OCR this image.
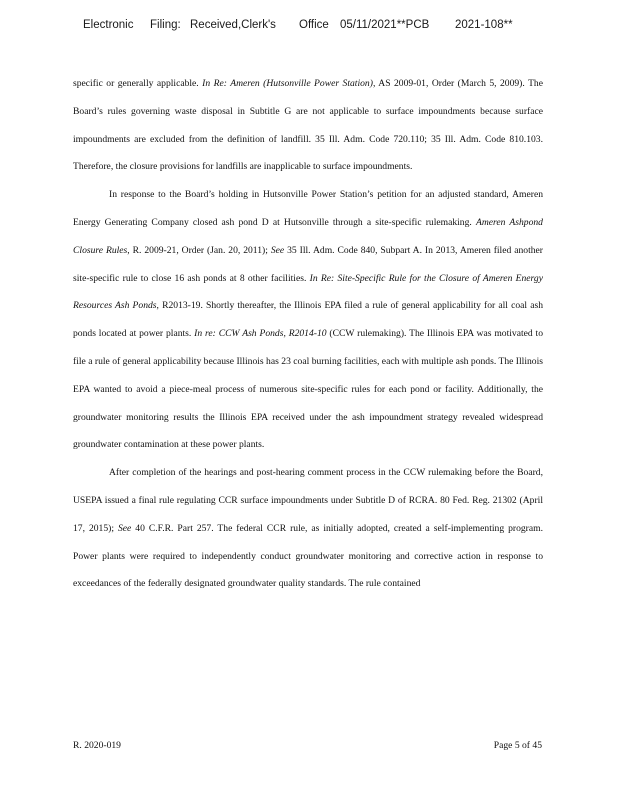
Electronic Filing: Received,Clerk's Office 05/11/2021**PCB 2021-108**

specific or generally applicable. In Re: Ameren (Hutsonville Power Station), AS 2009-01, Order (March 5, 2009). The Board’s rules governing waste disposal in Subtitle G are not applicable to surface impoundments because surface impoundments are excluded from the definition of landfill. 35 Ill. Adm. Code 720.110; 35 Ill. Adm. Code 810.103. Therefore, the closure provisions for landfills are inapplicable to surface impoundments.

In response to the Board’s holding in Hutsonville Power Station’s petition for an adjusted standard, Ameren Energy Generating Company closed ash pond D at Hutsonville through a site-specific rulemaking. Ameren Ashpond Closure Rules, R. 2009-21, Order (Jan. 20, 2011); See 35 Ill. Adm. Code 840, Subpart A. In 2013, Ameren filed another site-specific rule to close 16 ash ponds at 8 other facilities. In Re: Site-Specific Rule for the Closure of Ameren Energy Resources Ash Ponds, R2013-19. Shortly thereafter, the Illinois EPA filed a rule of general applicability for all coal ash ponds located at power plants. In re: CCW Ash Ponds, R2014-10 (CCW rulemaking). The Illinois EPA was motivated to file a rule of general applicability because Illinois has 23 coal burning facilities, each with multiple ash ponds. The Illinois EPA wanted to avoid a piece-meal process of numerous site-specific rules for each pond or facility. Additionally, the groundwater monitoring results the Illinois EPA received under the ash impoundment strategy revealed widespread groundwater contamination at these power plants.

After completion of the hearings and post-hearing comment process in the CCW rulemaking before the Board, USEPA issued a final rule regulating CCR surface impoundments under Subtitle D of RCRA. 80 Fed. Reg. 21302 (April 17, 2015); See 40 C.F.R. Part 257. The federal CCR rule, as initially adopted, created a self-implementing program. Power plants were required to independently conduct groundwater monitoring and corrective action in response to exceedances of the federally designated groundwater quality standards. The rule contained

R. 2020-019	Page 5 of 45
